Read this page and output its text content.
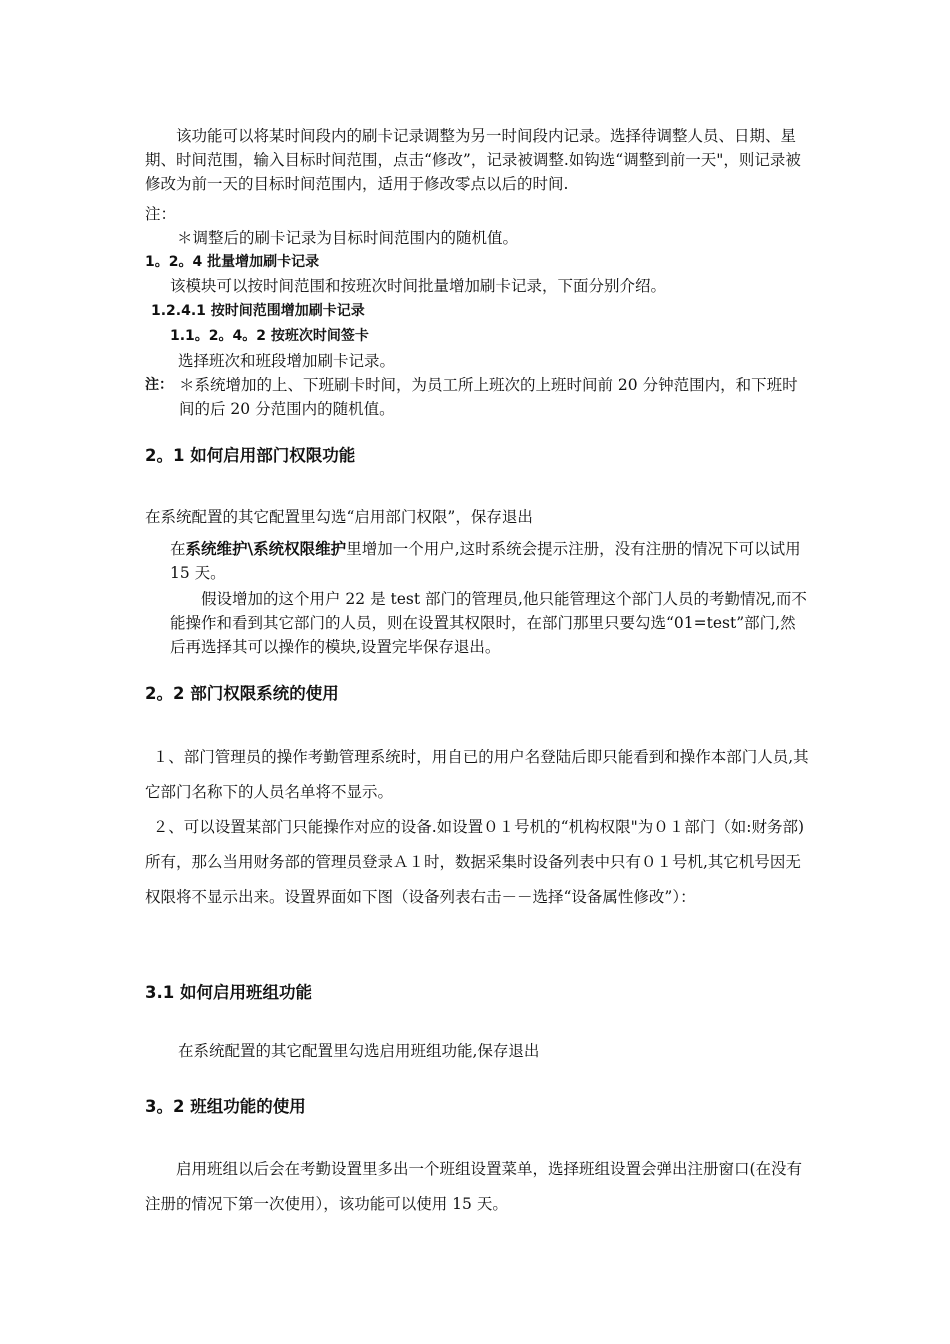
该功能可以将某时间段内的刷卡记录调整为另一时间段内记录。选择待调整人员、日期、星期、时间范围，输入目标时间范围，点击“修改”，记录被调整.如钩选“调整到前一天"，则记录被修改为前一天的目标时间范围内，适用于修改零点以后的时间.

注：

＊调整后的刷卡记录为目标时间范围内的随机值。

1。2。4 批量增加刷卡记录

该模块可以按时间范围和按班次时间批量增加刷卡记录，下面分别介绍。

1.2.4.1 按时间范围增加刷卡记录

1.1。2。4。2 按班次时间签卡

选择班次和班段增加刷卡记录。

注： ＊系统增加的上、下班刷卡时间，为员工所上班次的上班时间前 20 分钟范围内，和下班时间的后 20 分范围内的随机值。

2。1 如何启用部门权限功能

在系统配置的其它配置里勾选“启用部门权限”，保存退出

在系统维护\系统权限维护里增加一个用户,这时系统会提示注册，没有注册的情况下可以试用 15 天。

假设增加的这个用户 22 是 test 部门的管理员,他只能管理这个部门人员的考勤情况,而不能操作和看到其它部门的人员，则在设置其权限时，在部门那里只要勾选“01=test”部门,然后再选择其可以操作的模块,设置完毕保存退出。

2。2 部门权限系统的使用

１、部门管理员的操作考勤管理系统时，用自已的用户名登陆后即只能看到和操作本部门人员,其它部门名称下的人员名单将不显示。

２、可以设置某部门只能操作对应的设备.如设置０１号机的“机构权限"为０１部门（如:财务部)所有，那么当用财务部的管理员登录Ａ１时，数据采集时设备列表中只有０１号机,其它机号因无权限将不显示出来。设置界面如下图（设备列表右击－－选择“设备属性修改”）：

3.1 如何启用班组功能

在系统配置的其它配置里勾选启用班组功能,保存退出

3。2 班组功能的使用

启用班组以后会在考勤设置里多出一个班组设置菜单，选择班组设置会弹出注册窗口(在没有注册的情况下第一次使用），该功能可以使用 15 天。
